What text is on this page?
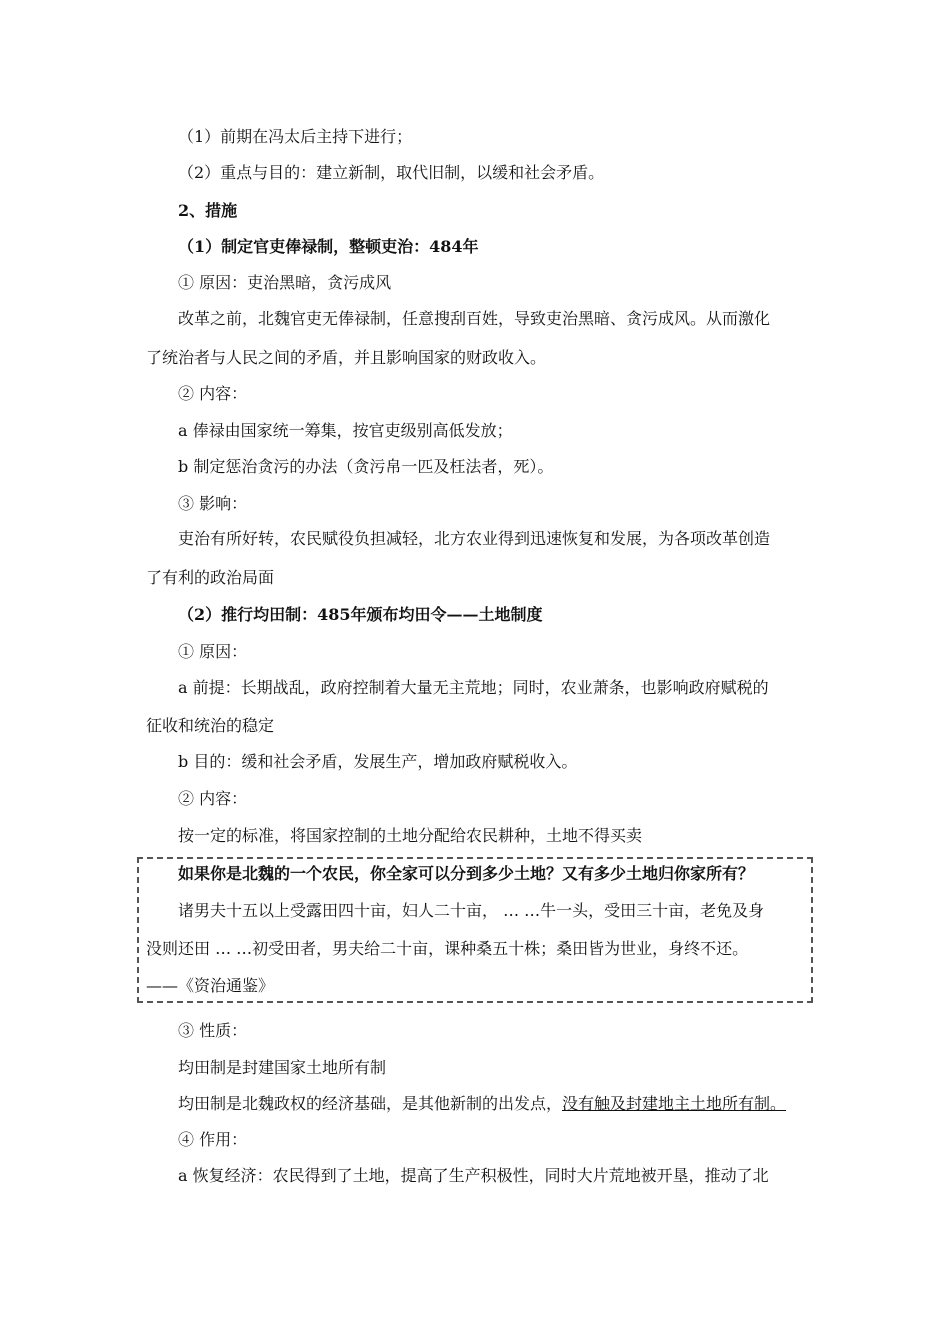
（1）前期在冯太后主持下进行；
（2）重点与目的：建立新制，取代旧制，以缓和社会矛盾。
2、措施
（1）制定官吏俸禄制，整顿吏治：484年
① 原因：吏治黑暗，贪污成风
改革之前，北魏官吏无俸禄制，任意搜刮百姓，导致吏治黑暗、贪污成风。从而激化
了统治者与人民之间的矛盾，并且影响国家的财政收入。
② 内容：
a 俸禄由国家统一筹集，按官吏级别高低发放；
b 制定惩治贪污的办法（贪污帛一匹及枉法者，死）。
③ 影响：
吏治有所好转，农民赋役负担减轻，北方农业得到迅速恢复和发展，为各项改革创造
了有利的政治局面
（2）推行均田制：485年颁布均田令——土地制度
① 原因：
a 前提：长期战乱，政府控制着大量无主荒地；同时，农业萧条，也影响政府赋税的
征收和统治的稳定
b 目的：缓和社会矛盾，发展生产，增加政府赋税收入。
② 内容：
按一定的标准，将国家控制的土地分配给农民耕种，土地不得买卖
如果你是北魏的一个农民，你全家可以分到多少土地？又有多少土地归你家所有？
诸男夫十五以上受露田四十亩，妇人二十亩， … …牛一头，受田三十亩，老免及身
没则还田 … …初受田者，男夫给二十亩，课种桑五十株；桑田皆为世业，身终不还。
——《资治通鉴》
③ 性质：
均田制是封建国家土地所有制
均田制是北魏政权的经济基础，是其他新制的出发点，没有触及封建地主土地所有制。
④ 作用：
a 恢复经济：农民得到了土地，提高了生产积极性，同时大片荒地被开垦，推动了北
